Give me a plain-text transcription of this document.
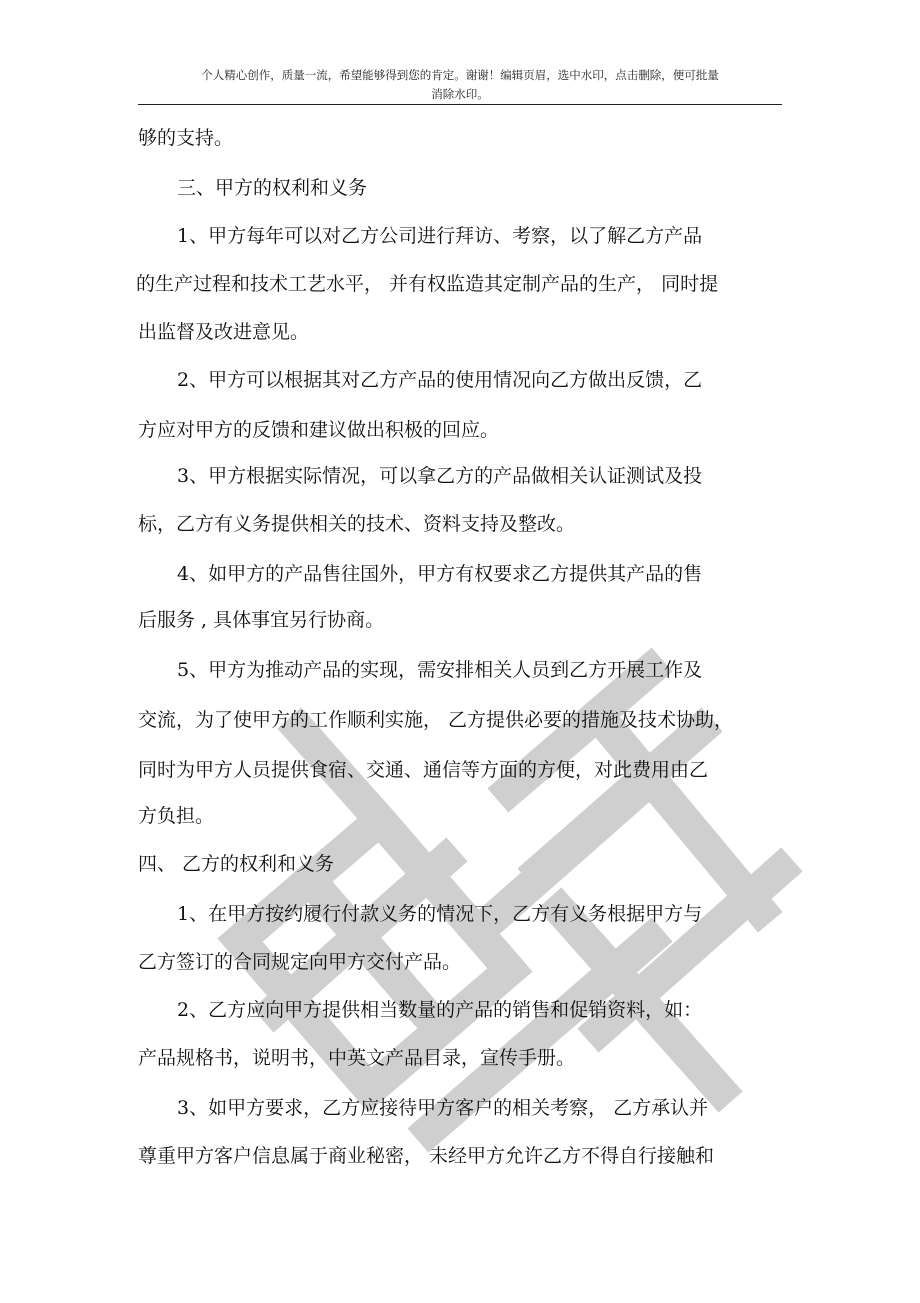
个人精心创作，质量一流，希望能够得到您的肯定。谢谢！编辑页眉，选中水印，点击删除，便可批量
消除水印。
够的支持。
三、甲方的权利和义务
1、甲方每年可以对乙方公司进行拜访、考察，以了解乙方产品
的生产过程和技术工艺水平， 并有权监造其定制产品的生产， 同时提
出监督及改进意见。
2、甲方可以根据其对乙方产品的使用情况向乙方做出反馈，乙
方应对甲方的反馈和建议做出积极的回应。
3、甲方根据实际情况，可以拿乙方的产品做相关认证测试及投
标，乙方有义务提供相关的技术、资料支持及整改。
4、如甲方的产品售往国外，甲方有权要求乙方提供其产品的售
后服务 , 具体事宜另行协商。
5、甲方为推动产品的实现，需安排相关人员到乙方开展工作及
交流，为了使甲方的工作顺利实施， 乙方提供必要的措施及技术协助，
同时为甲方人员提供食宿、交通、通信等方面的方便，对此费用由乙
方负担。
四、 乙方的权利和义务
1、在甲方按约履行付款义务的情况下，乙方有义务根据甲方与
乙方签订的合同规定向甲方交付产品。
2、乙方应向甲方提供相当数量的产品的销售和促销资料，如：
产品规格书，说明书，中英文产品目录，宣传手册。
3、如甲方要求，乙方应接待甲方客户的相关考察， 乙方承认并
尊重甲方客户信息属于商业秘密， 未经甲方允许乙方不得自行接触和
